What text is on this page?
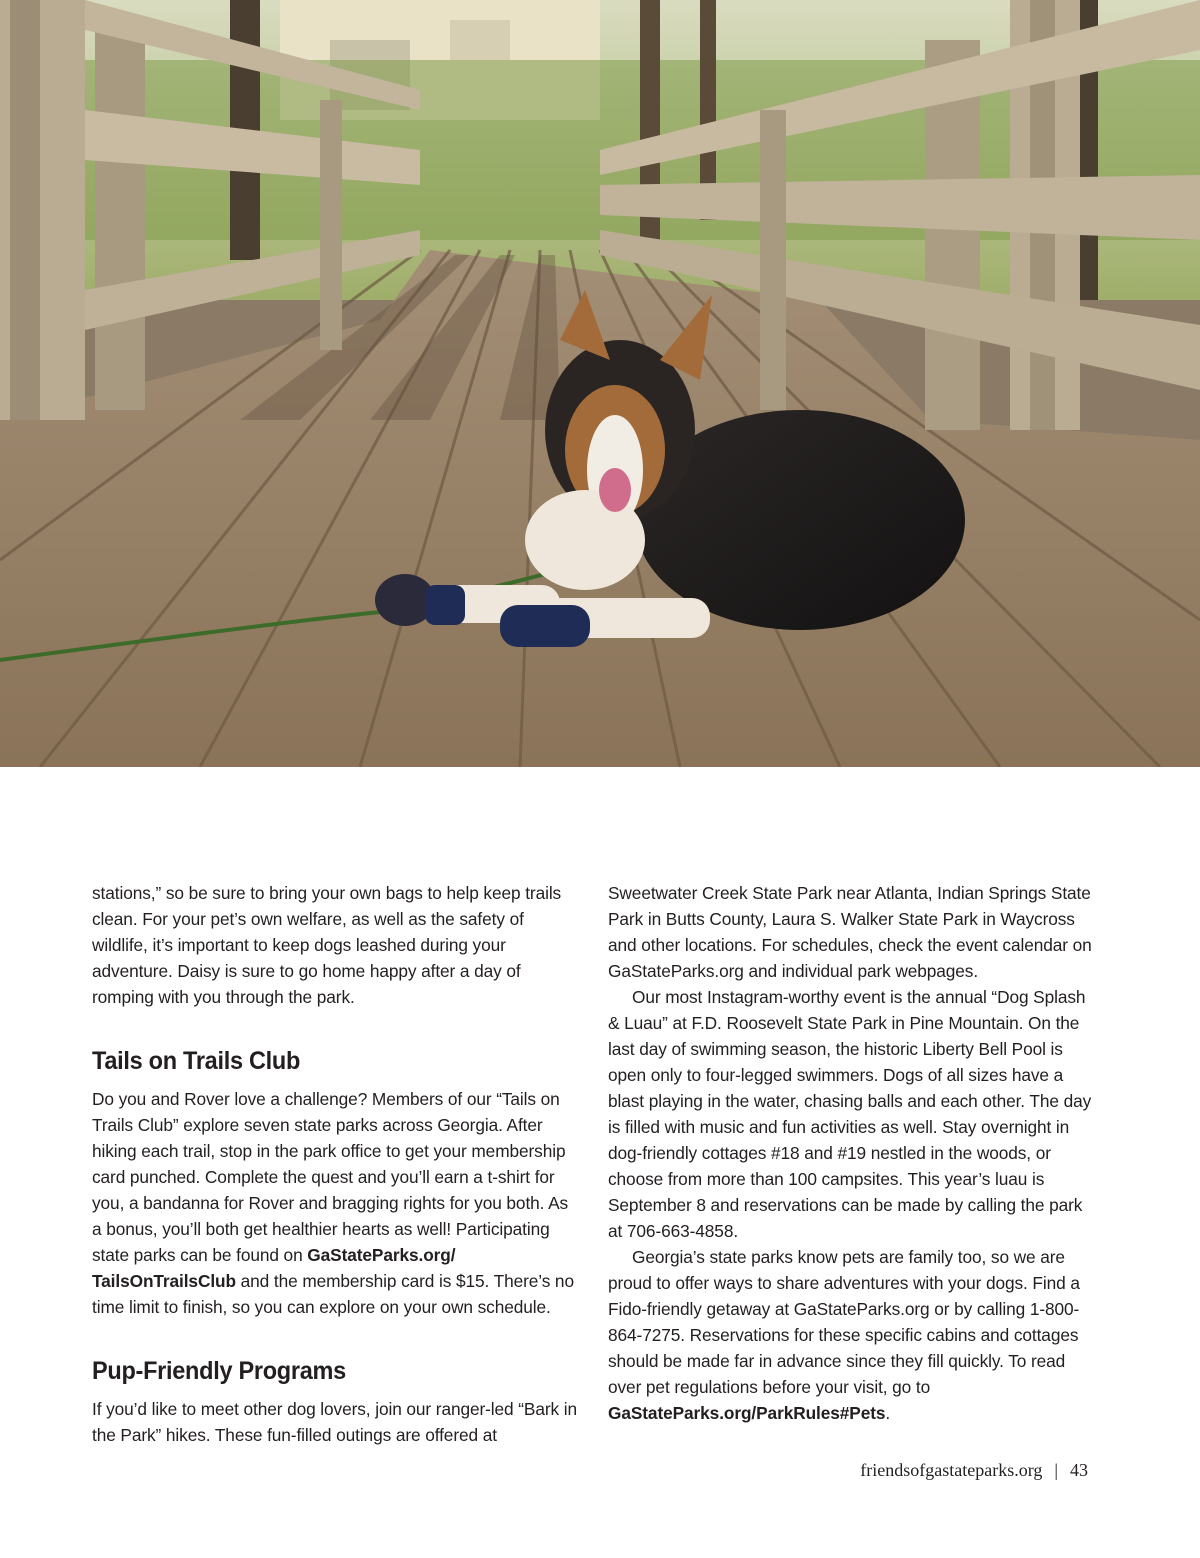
stations,” so be sure to bring your own bags to help keep trails clean. For your pet’s own welfare, as well as the safety of wildlife, it’s important to keep dogs leashed during your adventure. Daisy is sure to go home happy after a day of romping with you through the park.

Tails on Trails Club

Do you and Rover love a challenge? Members of our “Tails on Trails Club” explore seven state parks across Georgia. After hiking each trail, stop in the park office to get your membership card punched. Complete the quest and you’ll earn a t-shirt for you, a bandanna for Rover and bragging rights for you both. As a bonus, you’ll both get healthier hearts as well! Participating state parks can be found on GaStateParks.org/ TailsOnTrailsClub and the membership card is $15. There’s no time limit to finish, so you can explore on your own schedule.

Pup-Friendly Programs

If you’d like to meet other dog lovers, join our ranger-led “Bark in the Park” hikes. These fun-filled outings are offered at

Sweetwater Creek State Park near Atlanta, Indian Springs State Park in Butts County, Laura S. Walker State Park in Waycross and other locations. For schedules, check the event calendar on GaStateParks.org and individual park webpages.

Our most Instagram-worthy event is the annual “Dog Splash & Luau” at F.D. Roosevelt State Park in Pine Mountain. On the last day of swimming season, the historic Liberty Bell Pool is open only to four-legged swimmers. Dogs of all sizes have a blast playing in the water, chasing balls and each other. The day is filled with music and fun activities as well. Stay overnight in dog-friendly cottages #18 and #19 nestled in the woods, or choose from more than 100 campsites. This year’s luau is September 8 and reservations can be made by calling the park at 706-663-4858.

Georgia’s state parks know pets are family too, so we are proud to offer ways to share adventures with your dogs. Find a Fido-friendly getaway at GaStateParks.org or by calling 1-800-864-7275. Reservations for these specific cabins and cottages should be made far in advance since they fill quickly. To read over pet regulations before your visit, go to GaStateParks.org/ParkRules#Pets.

friendsofgastateparks.org | 43
